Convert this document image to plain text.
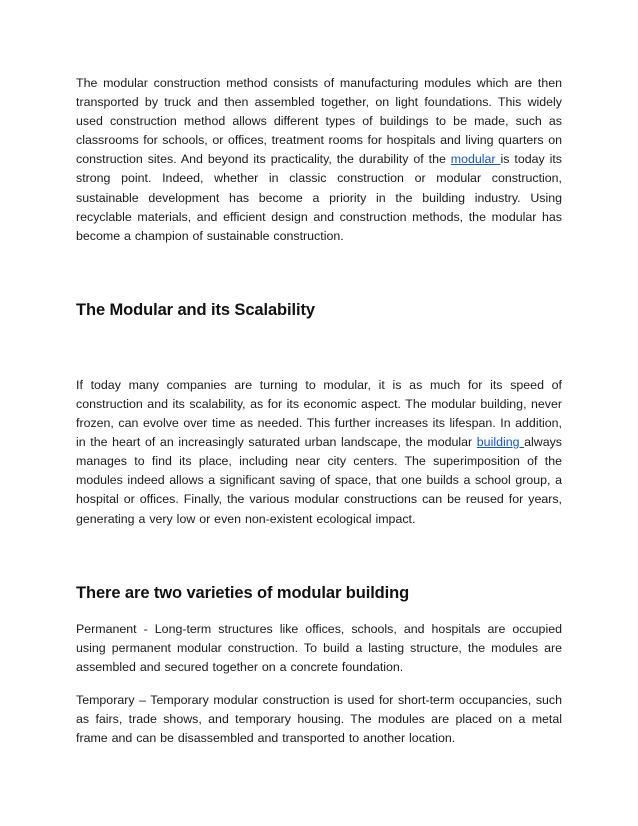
The modular construction method consists of manufacturing modules which are then transported by truck and then assembled together, on light foundations. This widely used construction method allows different types of buildings to be made, such as classrooms for schools, or offices, treatment rooms for hospitals and living quarters on construction sites. And beyond its practicality, the durability of the modular is today its strong point. Indeed, whether in classic construction or modular construction, sustainable development has become a priority in the building industry. Using recyclable materials, and efficient design and construction methods, the modular has become a champion of sustainable construction.

The Modular and its Scalability

If today many companies are turning to modular, it is as much for its speed of construction and its scalability, as for its economic aspect. The modular building, never frozen, can evolve over time as needed. This further increases its lifespan. In addition, in the heart of an increasingly saturated urban landscape, the modular building always manages to find its place, including near city centers. The superimposition of the modules indeed allows a significant saving of space, that one builds a school group, a hospital or offices. Finally, the various modular constructions can be reused for years, generating a very low or even non-existent ecological impact.

There are two varieties of modular building

Permanent - Long-term structures like offices, schools, and hospitals are occupied using permanent modular construction. To build a lasting structure, the modules are assembled and secured together on a concrete foundation.

Temporary – Temporary modular construction is used for short-term occupancies, such as fairs, trade shows, and temporary housing. The modules are placed on a metal frame and can be disassembled and transported to another location.
